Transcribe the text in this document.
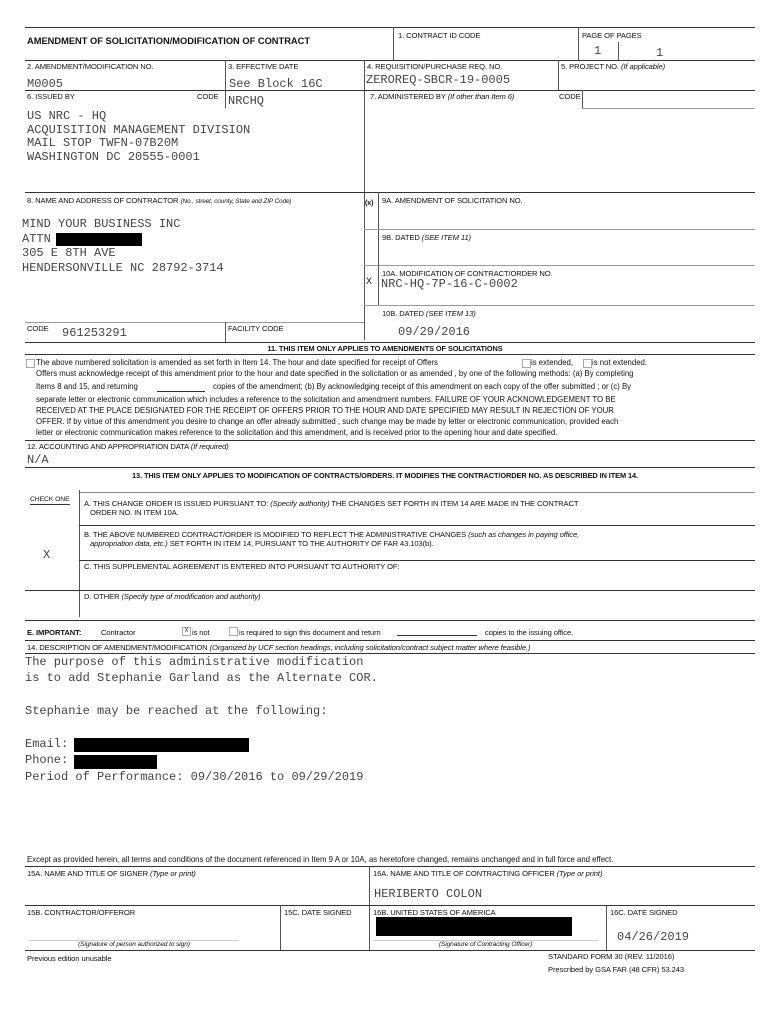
AMENDMENT OF SOLICITATION/MODIFICATION OF CONTRACT
1. CONTRACT ID CODE	PAGE OF PAGES
1	1
2. AMENDMENT/MODIFICATION NO.
M0005
3. EFFECTIVE DATE
See Block 16C
4. REQUISITION/PURCHASE REQ. NO.
ZEROREQ-SBCR-19-0005
5. PROJECT NO. (If applicable)
6. ISSUED BY	CODE NRCHQ
US NRC - HQ
ACQUISITION MANAGEMENT DIVISION
MAIL STOP TWFN-07B20M
WASHINGTON DC 20555-0001
7. ADMINISTERED BY (If other than Item 6)	CODE
8. NAME AND ADDRESS OF CONTRACTOR (No., street, county, State and ZIP Code)
MIND YOUR BUSINESS INC
ATTN
305 E 8TH AVE
HENDERSONVILLE NC 28792-3714
(x) 9A. AMENDMENT OF SOLICITATION NO.
9B. DATED (SEE ITEM 11)
X
10A. MODIFICATION OF CONTRACT/ORDER NO.
NRC-HQ-7P-16-C-0002
10B. DATED (SEE ITEM 13)
09/29/2016
CODE 961253291	FACILITY CODE
11. THIS ITEM ONLY APPLIES TO AMENDMENTS OF SOLICITATIONS
The above numbered solicitation is amended as set forth in Item 14. The hour and date specified for receipt of Offers	is extended, is not extended.
Offers must acknowledge receipt of this amendment prior to the hour and date specified in the solicitation or as amended , by one of the following methods: (a) By completing
Items 8 and 15, and returning	copies of the amendment; (b) By acknowledging receipt of this amendment on each copy of the offer submitted ; or (c) By
separate letter or electronic communication which includes a reference to the solicitation and amendment numbers. FAILURE OF YOUR ACKNOWLEDGEMENT TO BE
RECEIVED AT THE PLACE DESIGNATED FOR THE RECEIPT OF OFFERS PRIOR TO THE HOUR AND DATE SPECIFIED MAY RESULT IN REJECTION OF YOUR
OFFER. If by virtue of this amendment you desire to change an offer already submitted , such change may be made by letter or electronic communication, provided each
letter or electronic communication makes reference to the solicitation and this amendment, and is received prior to the opening hour and date specified.
12. ACCOUNTING AND APPROPRIATION DATA (If required)
N/A
13. THIS ITEM ONLY APPLIES TO MODIFICATION OF CONTRACTS/ORDERS. IT MODIFIES THE CONTRACT/ORDER NO. AS DESCRIBED IN ITEM 14.
CHECK ONE A. THIS CHANGE ORDER IS ISSUED PURSUANT TO: (Specify authority) THE CHANGES SET FORTH IN ITEM 14 ARE MADE IN THE CONTRACT
ORDER NO. IN ITEM 10A.
B. THE ABOVE NUMBERED CONTRACT/ORDER IS MODIFIED TO REFLECT THE ADMINISTRATIVE CHANGES (such as changes in paying office,
appropriation data, etc.) SET FORTH IN ITEM 14, PURSUANT TO THE AUTHORITY OF FAR 43.103(b).
X
C. THIS SUPPLEMENTAL AGREEMENT IS ENTERED INTO PURSUANT TO AUTHORITY OF:
D. OTHER (Specify type of modification and authority)
E. IMPORTANT:	Contractor	X is not	is required to sign this document and return	copies to the issuing office.
14. DESCRIPTION OF AMENDMENT/MODIFICATION (Organized by UCF section headings, including solicitation/contract subject matter where feasible.)
The purpose of this administrative modification
is to add Stephanie Garland as the Alternate COR.
Stephanie may be reached at the following:
Email:
Phone:
Period of Performance: 09/30/2016 to 09/29/2019
Except as provided herein, all terms and conditions of the document referenced in Item 9 A or 10A, as heretofore changed, remains unchanged and in full force and effect.
15A. NAME AND TITLE OF SIGNER (Type or print)	16A. NAME AND TITLE OF CONTRACTING OFFICER (Type or print)
HERIBERTO COLON
15B. CONTRACTOR/OFFEROR	15C. DATE SIGNED	16B. UNITED STATES OF AMERICA	16C. DATE SIGNED
04/26/2019
(Signature of person authorized to sign)	(Signature of Contracting Officer)
Previous edition unusable	STANDARD FORM 30 (REV. 11/2016)
Prescribed by GSA FAR (48 CFR) 53.243
